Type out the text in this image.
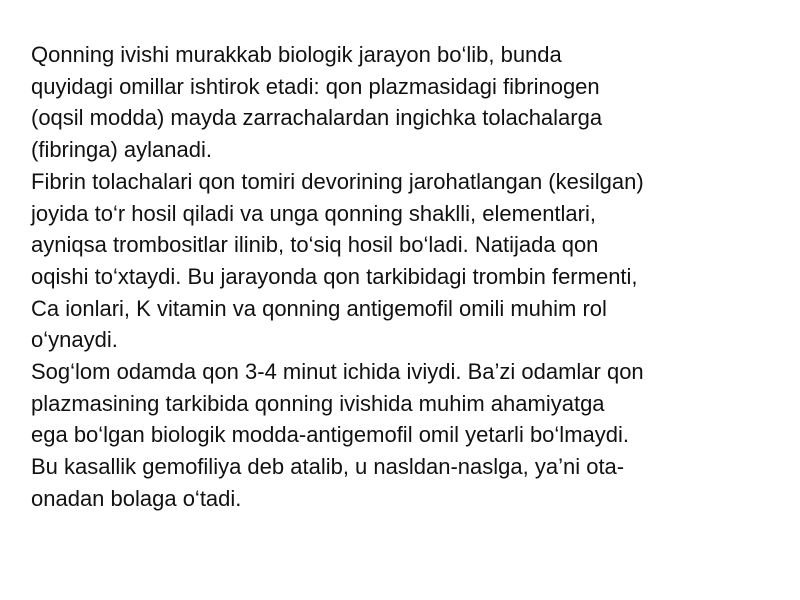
Qonning ivishi murakkab biologik jarayon bo‘lib, bunda
quyidagi omillar ishtirok etadi: qon plazmasidagi fibrinogen
(oqsil modda) mayda zarrachalardan ingichka tolachalarga
(fibringa) aylanadi.
Fibrin tolachalari qon tomiri devorining jarohatlangan (kesilgan)
joyida to‘r hosil qiladi va unga qonning shaklli, elementlari,
ayniqsa trombositlar ilinib, to‘siq hosil bo‘ladi. Natijada qon
oqishi to‘xtaydi. Bu jarayonda qon tarkibidagi trombin fermenti,
Ca ionlari, K vitamin va qonning antigemofil omili muhim rol
o‘ynaydi.
Sog‘lom odamda qon 3-4 minut ichida iviydi. Ba’zi odamlar qon
plazmasining tarkibida qonning ivishida muhim ahamiyatga
ega bo‘lgan biologik modda-antigemofil omil yetarli bo‘lmaydi.
Bu kasallik gemofiliya deb atalib, u nasldan-naslga, ya’ni ota-
onadan bolaga o‘tadi.
